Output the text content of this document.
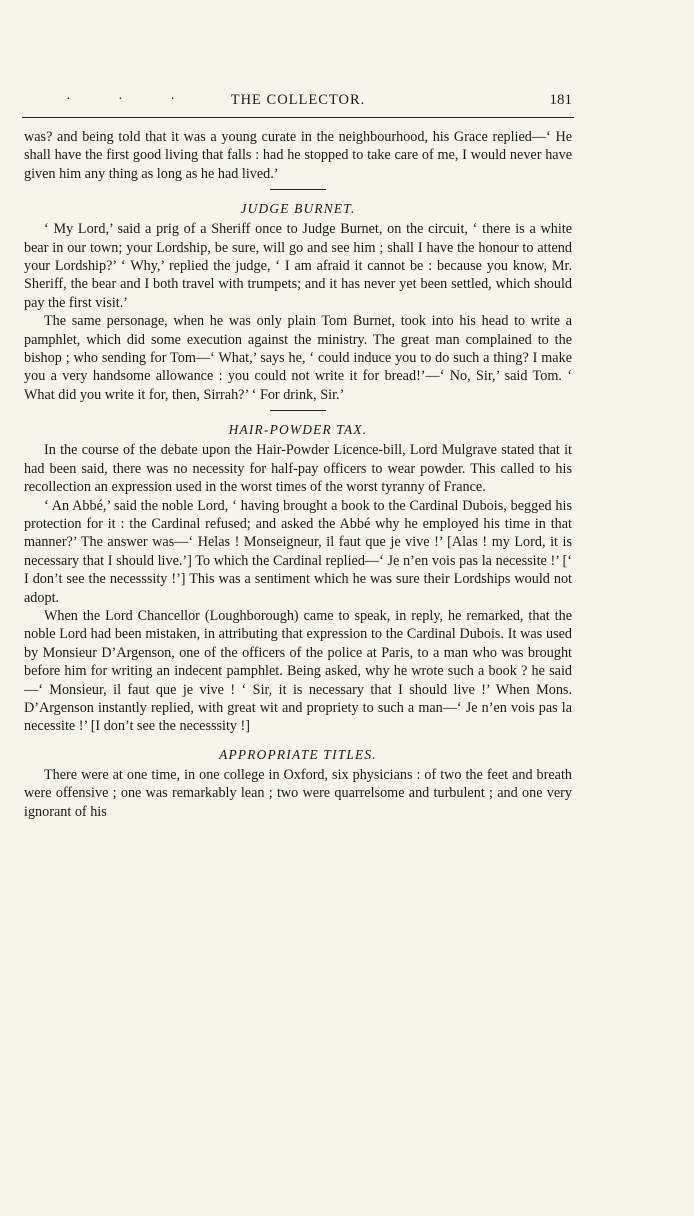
· · ·	THE COLLECTOR.	181

was? and being told that it was a young curate in the neighbourhood, his Grace replied—‘ He shall have the first good living that falls : had he stopped to take care of me, I would never have given him any thing as long as he had lived.’

JUDGE BURNET.

‘ My Lord,’ said a prig of a Sheriff once to Judge Burnet, on the circuit, ‘ there is a white bear in our town; your Lordship, be sure, will go and see him ; shall I have the honour to attend your Lordship?’ ‘ Why,’ replied the judge, ‘ I am afraid it cannot be : because you know, Mr. Sheriff, the bear and I both travel with trumpets; and it has never yet been settled, which should pay the first visit.’

The same personage, when he was only plain Tom Burnet, took into his head to write a pamphlet, which did some execution against the ministry. The great man complained to the bishop ; who sending for Tom—‘ What,’ says he, ‘ could induce you to do such a thing? I make you a very handsome allowance : you could not write it for bread!’—‘ No, Sir,’ said Tom. ‘ What did you write it for, then, Sirrah?’ ‘ For drink, Sir.’

HAIR-POWDER TAX.

In the course of the debate upon the Hair-Powder Licence-bill, Lord Mulgrave stated that it had been said, there was no necessity for half-pay officers to wear powder. This called to his recollection an expression used in the worst times of the worst tyranny of France.

‘ An Abbé,’ said the noble Lord, ‘ having brought a book to the Cardinal Dubois, begged his protection for it : the Cardinal refused; and asked the Abbé why he employed his time in that manner?’ The answer was—‘ Helas ! Monseigneur, il faut que je vive !’ [Alas ! my Lord, it is necessary that I should live.’] To which the Cardinal replied—‘ Je n’en vois pas la necessite !’ [‘ I don’t see the necesssity !’] This was a sentiment which he was sure their Lordships would not adopt.

When the Lord Chancellor (Loughborough) came to speak, in reply, he remarked, that the noble Lord had been mistaken, in attributing that expression to the Cardinal Dubois. It was used by Monsieur D’Argenson, one of the officers of the police at Paris, to a man who was brought before him for writing an indecent pamphlet. Being asked, why he wrote such a book ? he said—‘ Monsieur, il faut que je vive ! ‘ Sir, it is necessary that I should live !’ When Mons. D’Argenson instantly replied, with great wit and propriety to such a man—‘ Je n’en vois pas la necessite !’ [I don’t see the necesssity !]

APPROPRIATE TITLES.

There were at one time, in one college in Oxford, six physicians : of two the feet and breath were offensive ; one was remarkably lean ; two were quarrelsome and turbulent ; and one very ignorant of his
